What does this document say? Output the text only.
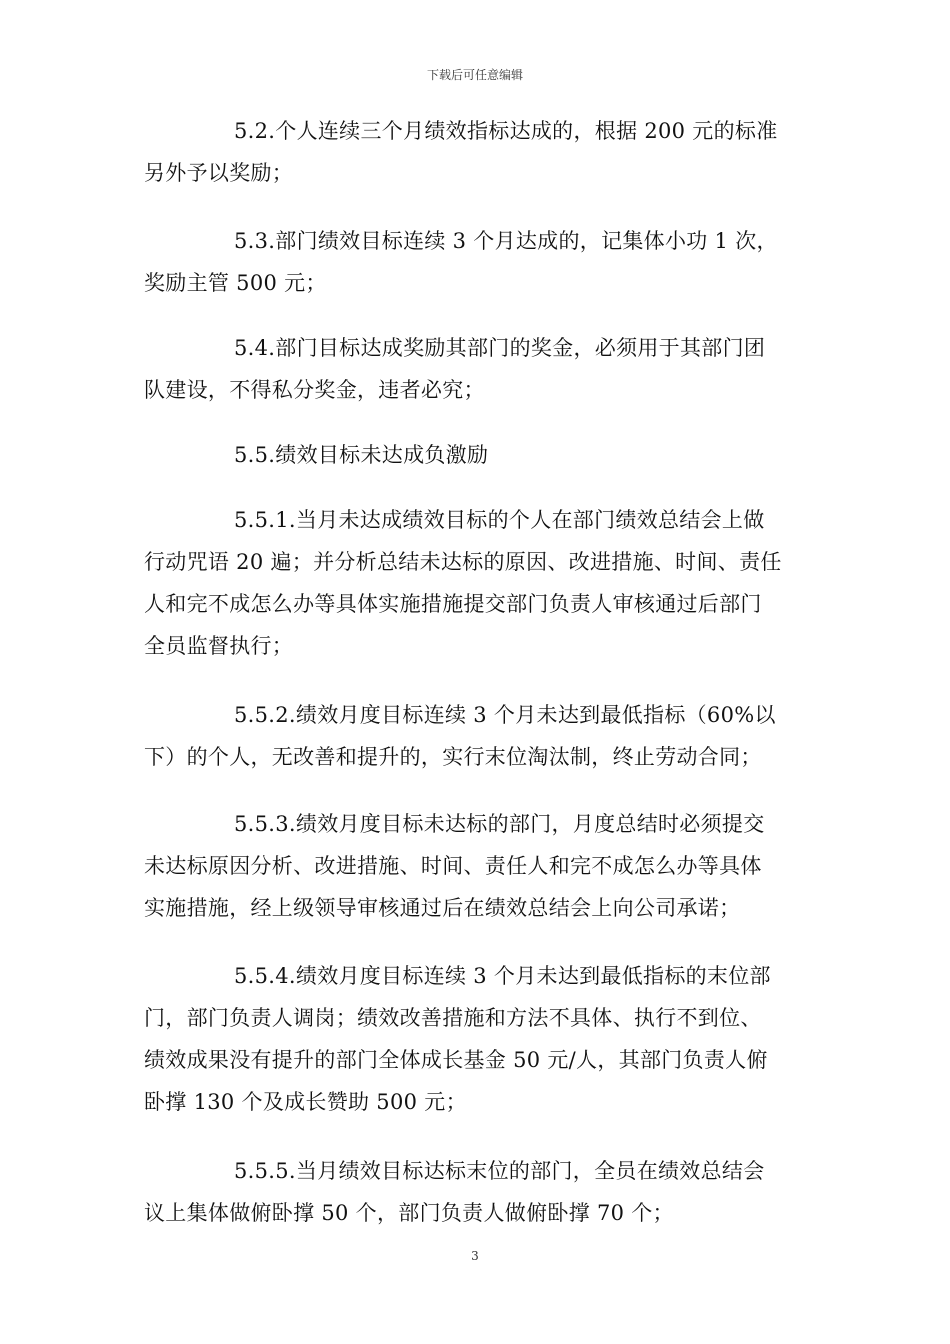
下载后可任意编辑
5.2.个人连续三个月绩效指标达成的，根据 200 元的标准
另外予以奖励；
5.3.部门绩效目标连续 3 个月达成的，记集体小功 1 次，
奖励主管 500 元；
5.4.部门目标达成奖励其部门的奖金，必须用于其部门团
队建设，不得私分奖金，违者必究；
5.5.绩效目标未达成负激励
5.5.1.当月未达成绩效目标的个人在部门绩效总结会上做
行动咒语 20 遍；并分析总结未达标的原因、改进措施、时间、责任
人和完不成怎么办等具体实施措施提交部门负责人审核通过后部门
全员监督执行；
5.5.2.绩效月度目标连续 3 个月未达到最低指标（60%以
下）的个人，无改善和提升的，实行末位淘汰制，终止劳动合同；
5.5.3.绩效月度目标未达标的部门，月度总结时必须提交
未达标原因分析、改进措施、时间、责任人和完不成怎么办等具体
实施措施，经上级领导审核通过后在绩效总结会上向公司承诺；
5.5.4.绩效月度目标连续 3 个月未达到最低指标的末位部
门，部门负责人调岗；绩效改善措施和方法不具体、执行不到位、
绩效成果没有提升的部门全体成长基金 50 元/人，其部门负责人俯
卧撑 130 个及成长赞助 500 元；
5.5.5.当月绩效目标达标末位的部门，全员在绩效总结会
议上集体做俯卧撑 50 个，部门负责人做俯卧撑 70 个；
3
